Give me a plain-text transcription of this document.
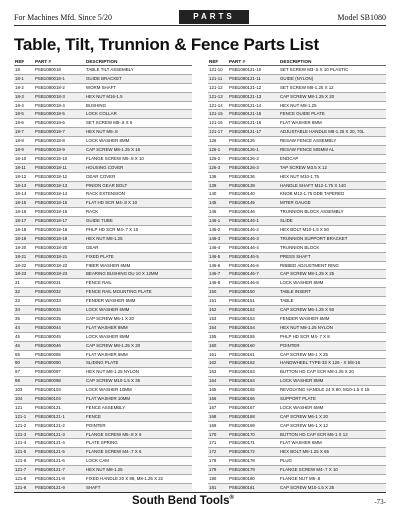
For Machines Mfd. Since 5/20	PARTS	Model SB1080
Table, Tilt, Trunnion & Fence Parts List
REF PART #	DESCRIPTION
18	PSB1080018	TABLE TILT ASSEMBLY
18-1	PSB1080018-1	GUIDE BRACKET
18-2	PSB1080018-2	WORM SHAFT
18-3	PSB1080018-3	HEX NUT M16-1.5
18-4	PSB1080018-4	BUSHING
18-5	PSB1080018-5	LOCK COLLAR
18-6	PSB1080018-6	SET SCREW M5-.8 X 5
18-7	PSB1080018-7	HEX NUT M5-.8
18-8	PSB1080018-8	LOCK WASHER 8MM
18-9	PSB1080018-9	CAP SCREW M8-1.25 X 16
18-10 PSB1080018-10	FLANGE SCREW M5-.8 X 10
18-11 PSB1080018-11	HOUSING COVER
18-12 PSB1080018-12	GEAR COVER
18-13 PSB1080018-13	PINION GEAR BOLT
18-14 PSB1080018-14	RACK EXTENSION
18-15 PSB1080018-15	FLAT HD SCR M4-.8 X 10
18-16 PSB1080018-16	RACK
18-17 PSB1080018-17	GUIDE TUBE
18-18 PSB1080018-18	PHLP HD SCR M4-.7 X 10
18-19 PSB1080018-19	HEX NUT M8-1.25
18-20 PSB1080018-20	GEAR
18-21 PSB1080018-21	FIXED PLATE
18-22 PSB1080018-22	FIBER WASHER 6MM
18-23 PSB1080018-23	BEARING BUSHING DU 10 X 12MM
31	PSB1080031	FENCE RAIL
32	PSB1080032	FENCE RAIL MOUNTING PLATE
33	PSB1080033	FENDER WASHER 6MM
34	PSB1080034	LOCK WASHER 6MM
35	PSB1080035	CAP SCREW M6-1 X 20
44	PSB1080044	FLAT WASHER 8MM
45	PSB1080045	LOCK WASHER 8MM
46	PSB1080046	CAP SCREW M8-1.25 X 20
65	PSB1080065	FLAT WASHER 6MM
90	PSB1080090	SLIDING PLATE
97	PSB1080097	HEX NUT M8-1.25 NYLON
98	PSB1080098	CAP SCREW M10-1.5 X 35
103	PSB1080103	LOCK WASHER 10MM
104	PSB1080104	FLAT WASHER 10MM
121	PSB1080121	FENCE ASSEMBLY
121-1 PSB1080121-1	FENCE
121-2 PSB1080121-2	POINTER
121-3 PSB1080121-3	FLANGE SCREW M5-.8 X 6
121-4 PSB1080121-4	PLATE SPRING
121-5 PSB1080121-5	FLANGE SCREW M4-.7 X 6
121-6 PSB1080121-6	LOCK CAM
121-7 PSB1080121-7	HEX NUT M8-1.25
121-8 PSB1080121-8	FIXED HANDLE 20 X 88, M8-1.25 X 22
121-9 PSB1080121-9	SHAFT
REF PART #	DESCRIPTION
121-10 PSB1080121-10	SET SCREW M3-.5 X 10 PLASTIC
121-11 PSB1080121-11	GUIDE (NYLON)
121-12 PSB1080121-12	SET SCREW M8-1.25 X 12
121-13 PSB1080121-13	CAP SCREW M8-1.25 X 20
121-14 PSB1080121-14	HEX NUT M8-1.25
121-15 PSB1080121-15	FENCE GUIDE PLATE
121-16 PSB1080121-16	FLAT WASHER 8MM
121-17 PSB1080121-17	ADJUSTABLE HANDLE M8-1.25 X 20, 70L
126	PSB1080126	RESAW FENCE ASSEMBLY
126-1 PSB1080126-1	RESAW FENCE 505MM AL
126-2 PSB1080126-2	ENDCAP
126-3 PSB1080126-3	TAP SCREW M3.5 X 12
136	PSB1080136	HEX NUT M10-1.75
139	PSB1080139	HANDLE SHAFT M12-1.75 X 140
140	PSB1080140	KNOB M12-1.75 DDB TAPERED
145	PSB1080145	MITER GAUGE
146	PSB1080146	TRUNNION BLOCK ASSEMBLY
146-1 PSB1080146-1	SLIDE
146-2 PSB1080146-2	HEX BOLT M10-1.5 X 50
146-3 PSB1080146-3	TRUNNION SUPPORT BRACKET
146-4 PSB1080146-4	TRUNNION BLOCK
146-5 PSB1080146-5	PRESS SHAFT
146-6 PSB1080146-6	RIBBED ADJUSTMENT RING
146-7 PSB1080146-7	CAP SCREW M8-1.25 X 25
146-8 PSB1080146-8	LOCK WASHER 8MM
150	PSB1080150	TABLE INSERT
151	PSB1080151	TABLE
152	PSB1080152	CAP SCREW M6-1.25 X 50
153	PSB1080153	FENDER WASHER 6MM
154	PSB1080154	HEX NUT M8-1.25 NYLON
155	PSB1080155	PHLP HD SCR M4-.7 X 8
160	PSB1080160	POINTER
161	PSB1080161	CAP SCREW M6-1 X 25
162	PSB1080162	HANDWHEEL TYPE-33 X 126 - X 5/8-16
163	PSB1080163	BUTTON HD CAP SCR M8-1.25 X 20
164	PSB1080164	LOCK WASHER 8MM
165	PSB1080165	REVOLVING HANDLE 24 X 80, M10-1.5 X 15
166	PSB1080166	SUPPORT PLATE
167	PSB1080167	LOCK WASHER 6MM
168	PSB1080168	CAP SCREW M6-1 X 20
169	PSB1080169	CAP SCREW M6-1 X 12
170	PSB1080170	BUTTON HD CAP SCR M6-1 X 12
171	PSB1080171	FLAT WASHER 6MM
172	PSB1080172	HEX BOLT M8-1.25 X 65
178	PSB1080178	PLUG
179	PSB1080179	FLANGE SCREW M4-.7 X 10
180	PSB1080180	FLANGE NUT M5-.8
181	PSB1080181	CAP SCREW M10-1.5 X 25
South Bend Tools®	-73-
